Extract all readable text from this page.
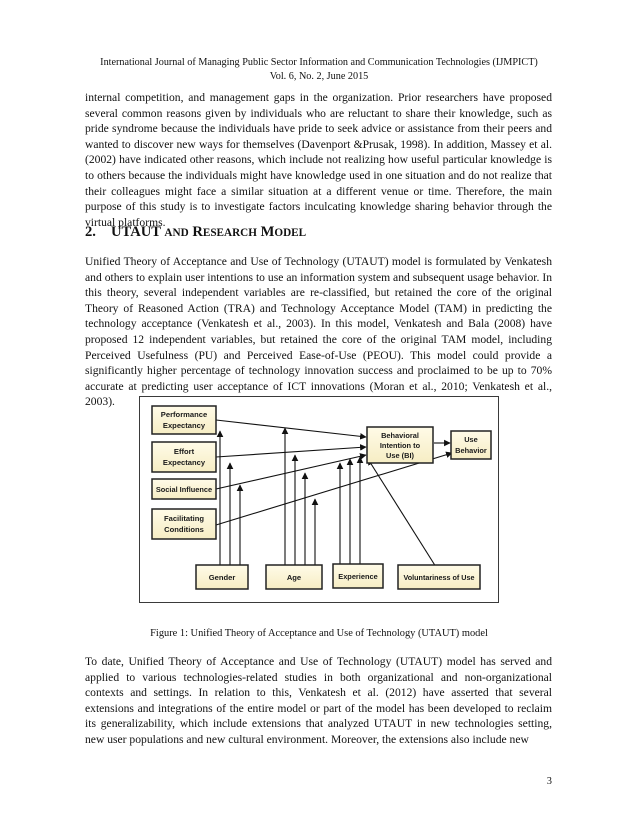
International Journal of Managing Public Sector Information and Communication Technologies (IJMPICT)
Vol. 6, No. 2, June 2015

internal competition, and management gaps in the organization. Prior researchers have proposed several common reasons given by individuals who are reluctant to share their knowledge, such as pride syndrome because the individuals have pride to seek advice or assistance from their peers and wanted to discover new ways for themselves (Davenport &Prusak, 1998). In addition, Massey et al. (2002) have indicated other reasons, which include not realizing how useful particular knowledge is to others because the individuals might have knowledge used in one situation and do not realize that their colleagues might face a similar situation at a different venue or time. Therefore, the main purpose of this study is to investigate factors inculcating knowledge sharing behavior through the virtual platforms.

2. UTAUT AND RESEARCH MODEL

Unified Theory of Acceptance and Use of Technology (UTAUT) model is formulated by Venkatesh and others to explain user intentions to use an information system and subsequent usage behavior. In this theory, several independent variables are re-classified, but retained the core of the original Theory of Reasoned Action (TRA) and Technology Acceptance Model (TAM) in predicting the technology acceptance (Venkatesh et al., 2003). In this model, Venkatesh and Bala (2008) have proposed 12 independent variables, but retained the core of the original TAM model, including Perceived Usefulness (PU) and Perceived Ease-of-Use (PEOU). This model could provide a significantly higher percentage of technology innovation success and proclaimed to be up to 70% accurate at predicting user acceptance of ICT innovations (Moran et al., 2010; Venkatesh et al., 2003).

Performance
Expectancy
Effort
Expectancy
Social Influence
Facilitating
Conditions
Behavioral
Intention to
Use (BI)
Use
Behavior
Gender	Age	Experience	Voluntariness of Use
Figure 1: Unified Theory of Acceptance and Use of Technology (UTAUT) model

To date, Unified Theory of Acceptance and Use of Technology (UTAUT) model has served and applied to various technologies-related studies in both organizational and non-organizational contexts and settings. In relation to this, Venkatesh et al. (2012) have asserted that several extensions and integrations of the entire model or part of the model has been developed to reclaim its generalizability, which include extensions that analyzed UTAUT in new technologies setting, new user populations and new cultural environment. Moreover, the extensions also include new

3
